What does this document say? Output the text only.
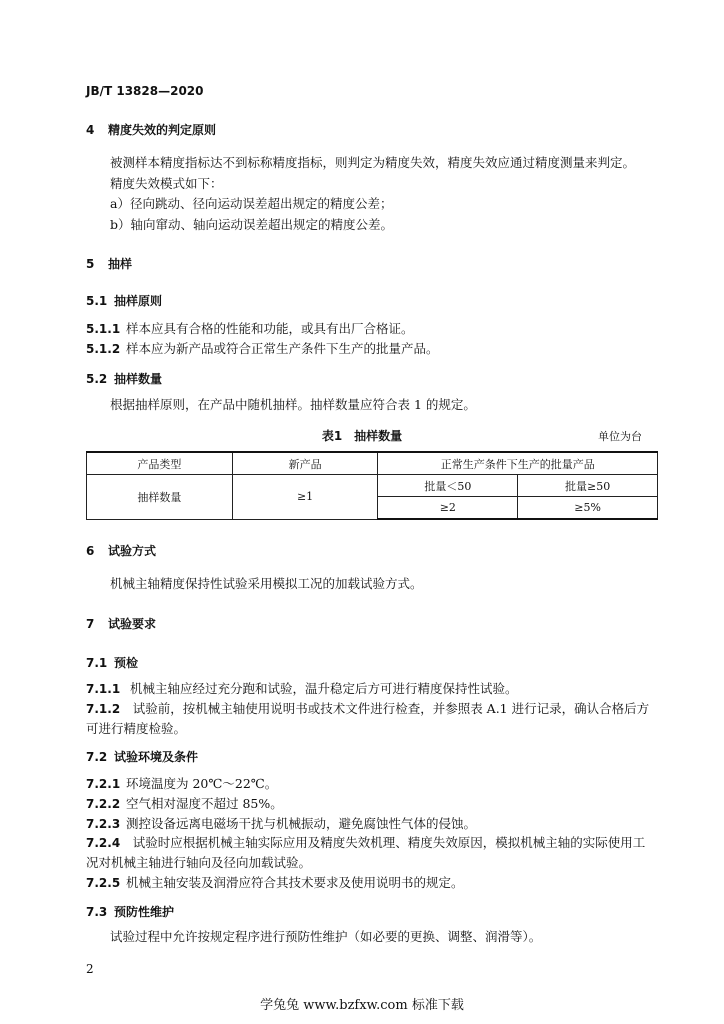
JB/T 13828—2020
4 精度失效的判定原则
被测样本精度指标达不到标称精度指标，则判定为精度失效，精度失效应通过精度测量来判定。
精度失效模式如下：
a）径向跳动、径向运动误差超出规定的精度公差；
b）轴向窜动、轴向运动误差超出规定的精度公差。
5 抽样
5.1 抽样原则
5.1.1 样本应具有合格的性能和功能，或具有出厂合格证。
5.1.2 样本应为新产品或符合正常生产条件下生产的批量产品。
5.2 抽样数量
根据抽样原则，在产品中随机抽样。抽样数量应符合表 1 的规定。
表1　抽样数量	单位为台
产品类型	新产品	正常生产条件下生产的批量产品	
抽样数量	≥1	批量＜50	批量≥50
		≥2	≥5%
6 试验方式
机械主轴精度保持性试验采用模拟工况的加载试验方式。
7 试验要求
7.1 预检
7.1.1 机械主轴应经过充分跑和试验，温升稳定后方可进行精度保持性试验。
7.1.2　 试验前，按机械主轴使用说明书或技术文件进行检查，并参照表 A.1 进行记录，确认合格后方可进行精度检验。
7.2 试验环境及条件
7.2.1 环境温度为 20℃～22℃。
7.2.2 空气相对湿度不超过 85%。
7.2.3 测控设备远离电磁场干扰与机械振动，避免腐蚀性气体的侵蚀。
7.2.4　 试验时应根据机械主轴实际应用及精度失效机理、精度失效原因，模拟机械主轴的实际使用工况对机械主轴进行轴向及径向加载试验。
7.2.5 机械主轴安装及润滑应符合其技术要求及使用说明书的规定。
7.3 预防性维护
试验过程中允许按规定程序进行预防性维护（如必要的更换、调整、润滑等）。
2
学兔兔 www.bzfxw.com 标准下载
